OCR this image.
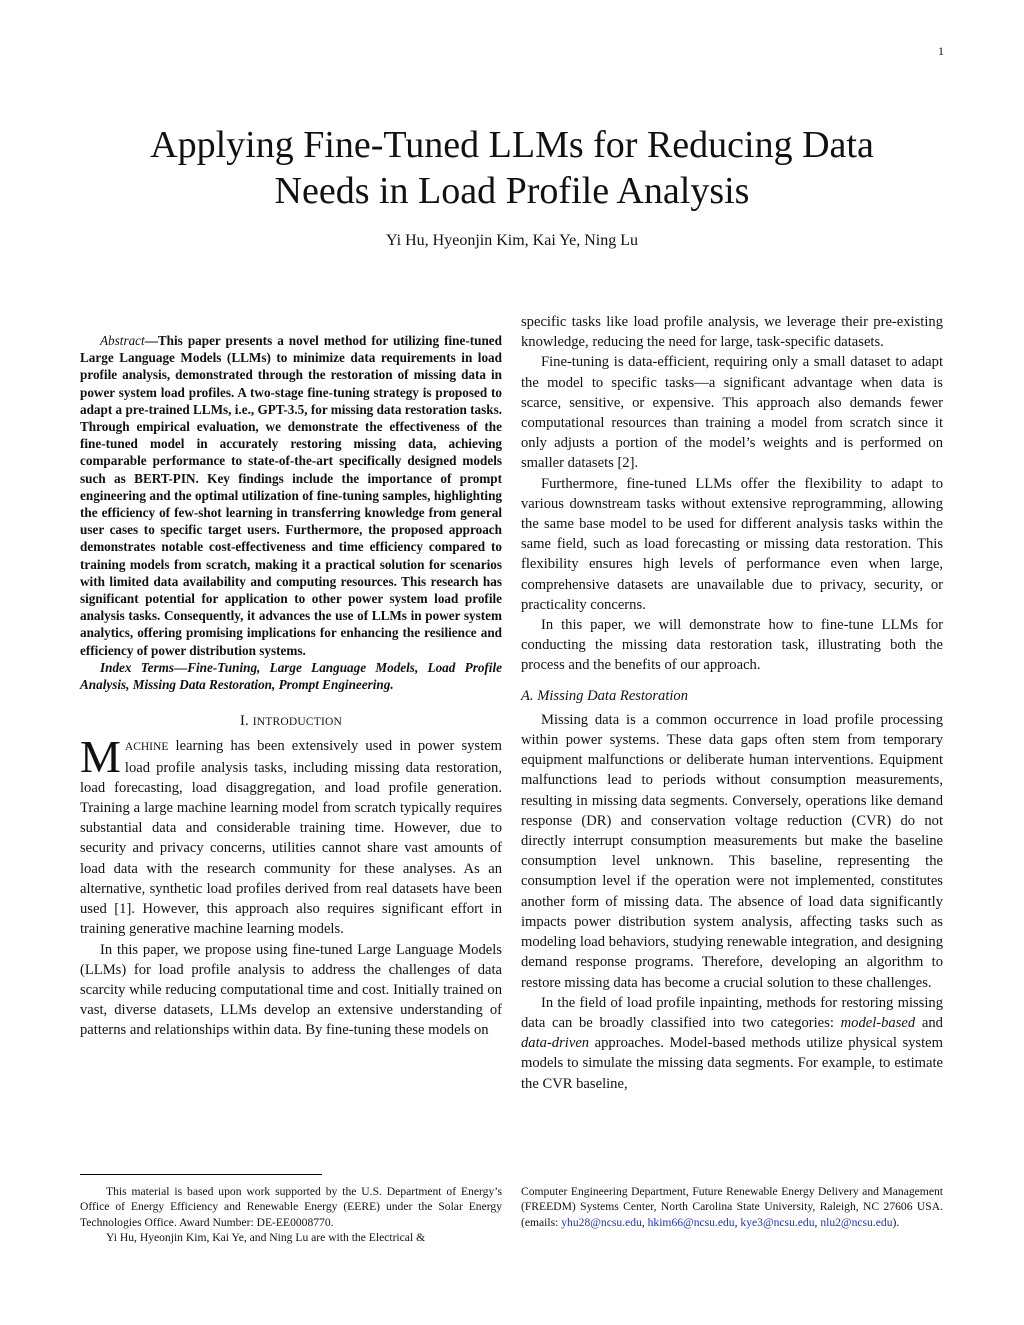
1
Applying Fine-Tuned LLMs for Reducing Data
Needs in Load Profile Analysis
Yi Hu, Hyeonjin Kim, Kai Ye, Ning Lu

Abstract—This paper presents a novel method for utilizing fine-tuned Large Language Models (LLMs) to minimize data requirements in load profile analysis, demonstrated through the restoration of missing data in power system load profiles. A two-stage fine-tuning strategy is proposed to adapt a pre-trained LLMs, i.e., GPT-3.5, for missing data restoration tasks. Through empirical evaluation, we demonstrate the effectiveness of the fine-tuned model in accurately restoring missing data, achieving comparable performance to state-of-the-art specifically designed models such as BERT-PIN. Key findings include the importance of prompt engineering and the optimal utilization of fine-tuning samples, highlighting the efficiency of few-shot learning in transferring knowledge from general user cases to specific target users. Furthermore, the proposed approach demonstrates notable cost-effectiveness and time efficiency compared to training models from scratch, making it a practical solution for scenarios with limited data availability and computing resources. This research has significant potential for application to other power system load profile analysis tasks. Consequently, it advances the use of LLMs in power system analytics, offering promising implications for enhancing the resilience and efficiency of power distribution systems.

Index Terms—Fine-Tuning, Large Language Models, Load Profile Analysis, Missing Data Restoration, Prompt Engineering.

I. INTRODUCTION

MACHINE learning has been extensively used in power system load profile analysis tasks, including missing data restoration, load forecasting, load disaggregation, and load profile generation. Training a large machine learning model from scratch typically requires substantial data and considerable training time. However, due to security and privacy concerns, utilities cannot share vast amounts of load data with the research community for these analyses. As an alternative, synthetic load profiles derived from real datasets have been used [1]. However, this approach also requires significant effort in training generative machine learning models.

In this paper, we propose using fine-tuned Large Language Models (LLMs) for load profile analysis to address the challenges of data scarcity while reducing computational time and cost. Initially trained on vast, diverse datasets, LLMs develop an extensive understanding of patterns and relationships within data. By fine-tuning these models on

specific tasks like load profile analysis, we leverage their pre-existing knowledge, reducing the need for large, task-specific datasets.

Fine-tuning is data-efficient, requiring only a small dataset to adapt the model to specific tasks—a significant advantage when data is scarce, sensitive, or expensive. This approach also demands fewer computational resources than training a model from scratch since it only adjusts a portion of the model’s weights and is performed on smaller datasets [2].

Furthermore, fine-tuned LLMs offer the flexibility to adapt to various downstream tasks without extensive reprogramming, allowing the same base model to be used for different analysis tasks within the same field, such as load forecasting or missing data restoration. This flexibility ensures high levels of performance even when large, comprehensive datasets are unavailable due to privacy, security, or practicality concerns.

In this paper, we will demonstrate how to fine-tune LLMs for conducting the missing data restoration task, illustrating both the process and the benefits of our approach.

A. Missing Data Restoration

Missing data is a common occurrence in load profile processing within power systems. These data gaps often stem from temporary equipment malfunctions or deliberate human interventions. Equipment malfunctions lead to periods without consumption measurements, resulting in missing data segments. Conversely, operations like demand response (DR) and conservation voltage reduction (CVR) do not directly interrupt consumption measurements but make the baseline consumption level unknown. This baseline, representing the consumption level if the operation were not implemented, constitutes another form of missing data. The absence of load data significantly impacts power distribution system analysis, affecting tasks such as modeling load behaviors, studying renewable integration, and designing demand response programs. Therefore, developing an algorithm to restore missing data has become a crucial solution to these challenges.

In the field of load profile inpainting, methods for restoring missing data can be broadly classified into two categories: model-based and data-driven approaches. Model-based methods utilize physical system models to simulate the missing data segments. For example, to estimate the CVR baseline,

This material is based upon work supported by the U.S. Department of Energy’s Office of Energy Efficiency and Renewable Energy (EERE) under the Solar Energy Technologies Office. Award Number: DE-EE0008770.

Yi Hu, Hyeonjin Kim, Kai Ye, and Ning Lu are with the Electrical &

Computer Engineering Department, Future Renewable Energy Delivery and Management (FREEDM) Systems Center, North Carolina State University, Raleigh, NC 27606 USA. (emails: yhu28@ncsu.edu, hkim66@ncsu.edu, kye3@ncsu.edu, nlu2@ncsu.edu).
